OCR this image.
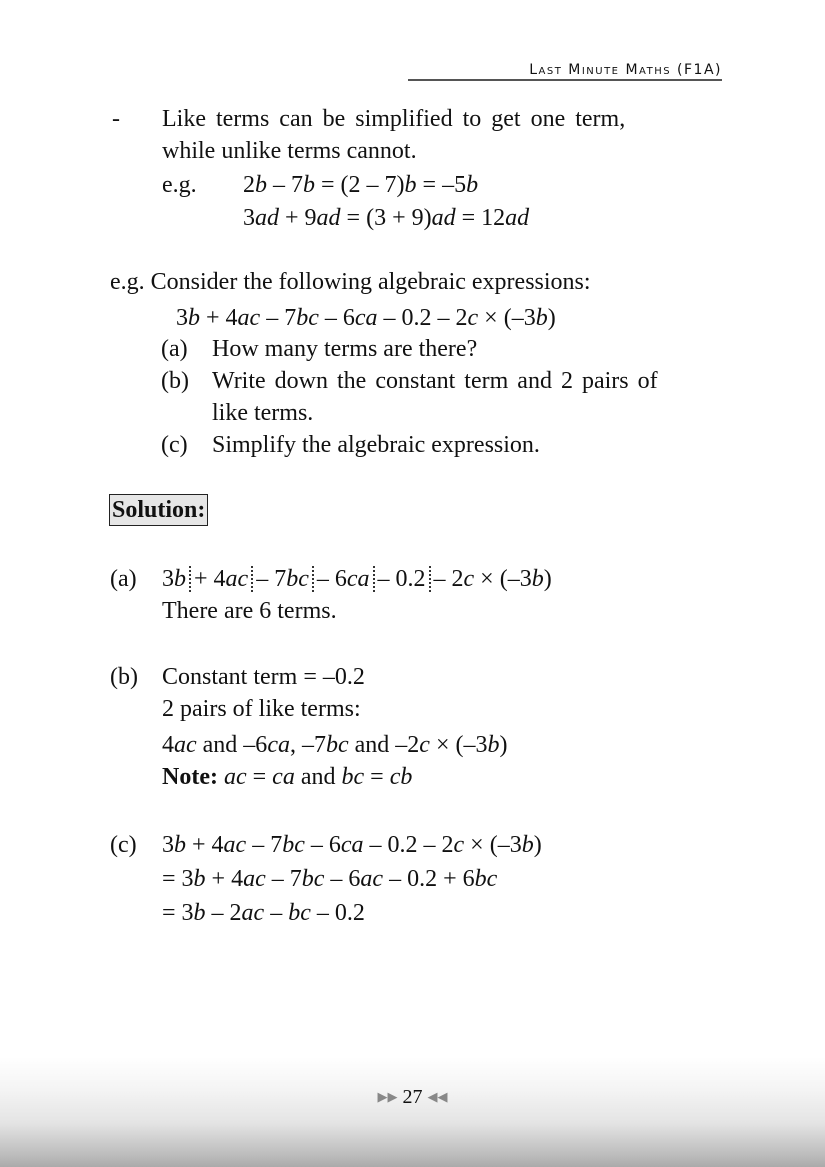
Last Minute Maths (F1A)
- Like terms can be simplified to get one term,
while unlike terms cannot.
e.g. 2b – 7b = (2 – 7)b = –5b
3ad + 9ad = (3 + 9)ad = 12ad
e.g. Consider the following algebraic expressions:
3b + 4ac – 7bc – 6ca – 0.2 – 2c × (–3b)
(a) How many terms are there?
(b) Write down the constant term and 2 pairs of
like terms.
(c) Simplify the algebraic expression.
Solution:
(a) 3b + 4ac – 7bc – 6ca – 0.2 – 2c × (–3b)
There are 6 terms.
(b) Constant term = –0.2
2 pairs of like terms:
4ac and –6ca, –7bc and –2c × (–3b)
Note: ac = ca and bc = cb
(c) 3b + 4ac – 7bc – 6ca – 0.2 – 2c × (–3b)
= 3b + 4ac – 7bc – 6ac – 0.2 + 6bc
= 3b – 2ac – bc – 0.2
▶▶ 27 ◀◀
